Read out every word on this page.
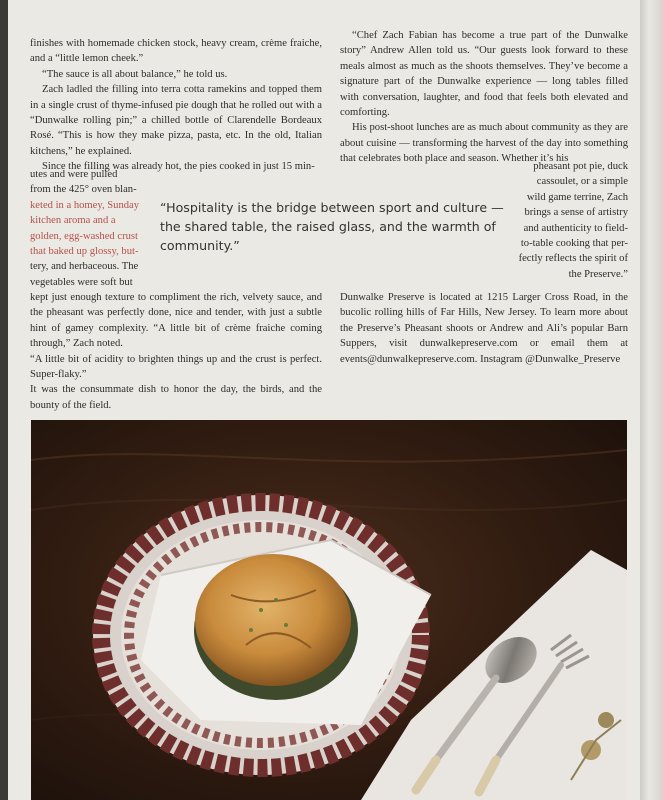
finishes with homemade chicken stock, heavy cream, crème fraiche, and a “little lemon cheek.”

“The sauce is all about balance,” he told us.

Zach ladled the filling into terra cotta ramekins and topped them in a single crust of thyme-infused pie dough that he rolled out with a “Dunwalke rolling pin;” a chilled bottle of Clarendelle Bordeaux Rosé. “This is how they make pizza, pasta, etc. In the old, Italian kitchens,” he explained.

Since the filling was already hot, the pies cooked in just 15 min-

utes and were pulled
from the 425° oven blan-
keted in a homey, Sunday
kitchen aroma and a
golden, egg-washed crust
that baked up glossy, but-
tery, and herbaceous. The
vegetables were soft but
“Hospitality is the bridge between sport and culture — the shared table, the raised glass, and the warmth of community.”

kept just enough texture to compliment the rich, velvety sauce, and the pheasant was perfectly done, nice and tender, with just a subtle hint of gamey complexity. “A little bit of crème fraiche coming through,” Zach noted.

“A little bit of acidity to brighten things up and the crust is perfect. Super-flaky.”

It was the consummate dish to honor the day, the birds, and the bounty of the field.

“Chef Zach Fabian has become a true part of the Dunwalke story” Andrew Allen told us. “Our guests look forward to these meals almost as much as the shoots themselves. They’ve become a signature part of the Dunwalke experience — long tables filled with conversation, laughter, and food that feels both elevated and comforting.

His post-shoot lunches are as much about community as they are about cuisine — transforming the harvest of the day into something that celebrates both place and season. Whether it’s his

pheasant pot pie, duck
cassoulet, or a simple
wild game terrine, Zach
brings a sense of artistry
and authenticity to field-
to-table cooking that per-
fectly reflects the spirit of
the Preserve.”

Dunwalke Preserve is located at 1215 Larger Cross Road, in the bucolic rolling hills of Far Hills, New Jersey. To learn more about the Preserve’s Pheasant shoots or Andrew and Ali’s popular Barn Suppers, visit dunwalkepreserve.com or email them at events@dunwalkepreserve.com. Instagram @Dunwalke_Preserve
